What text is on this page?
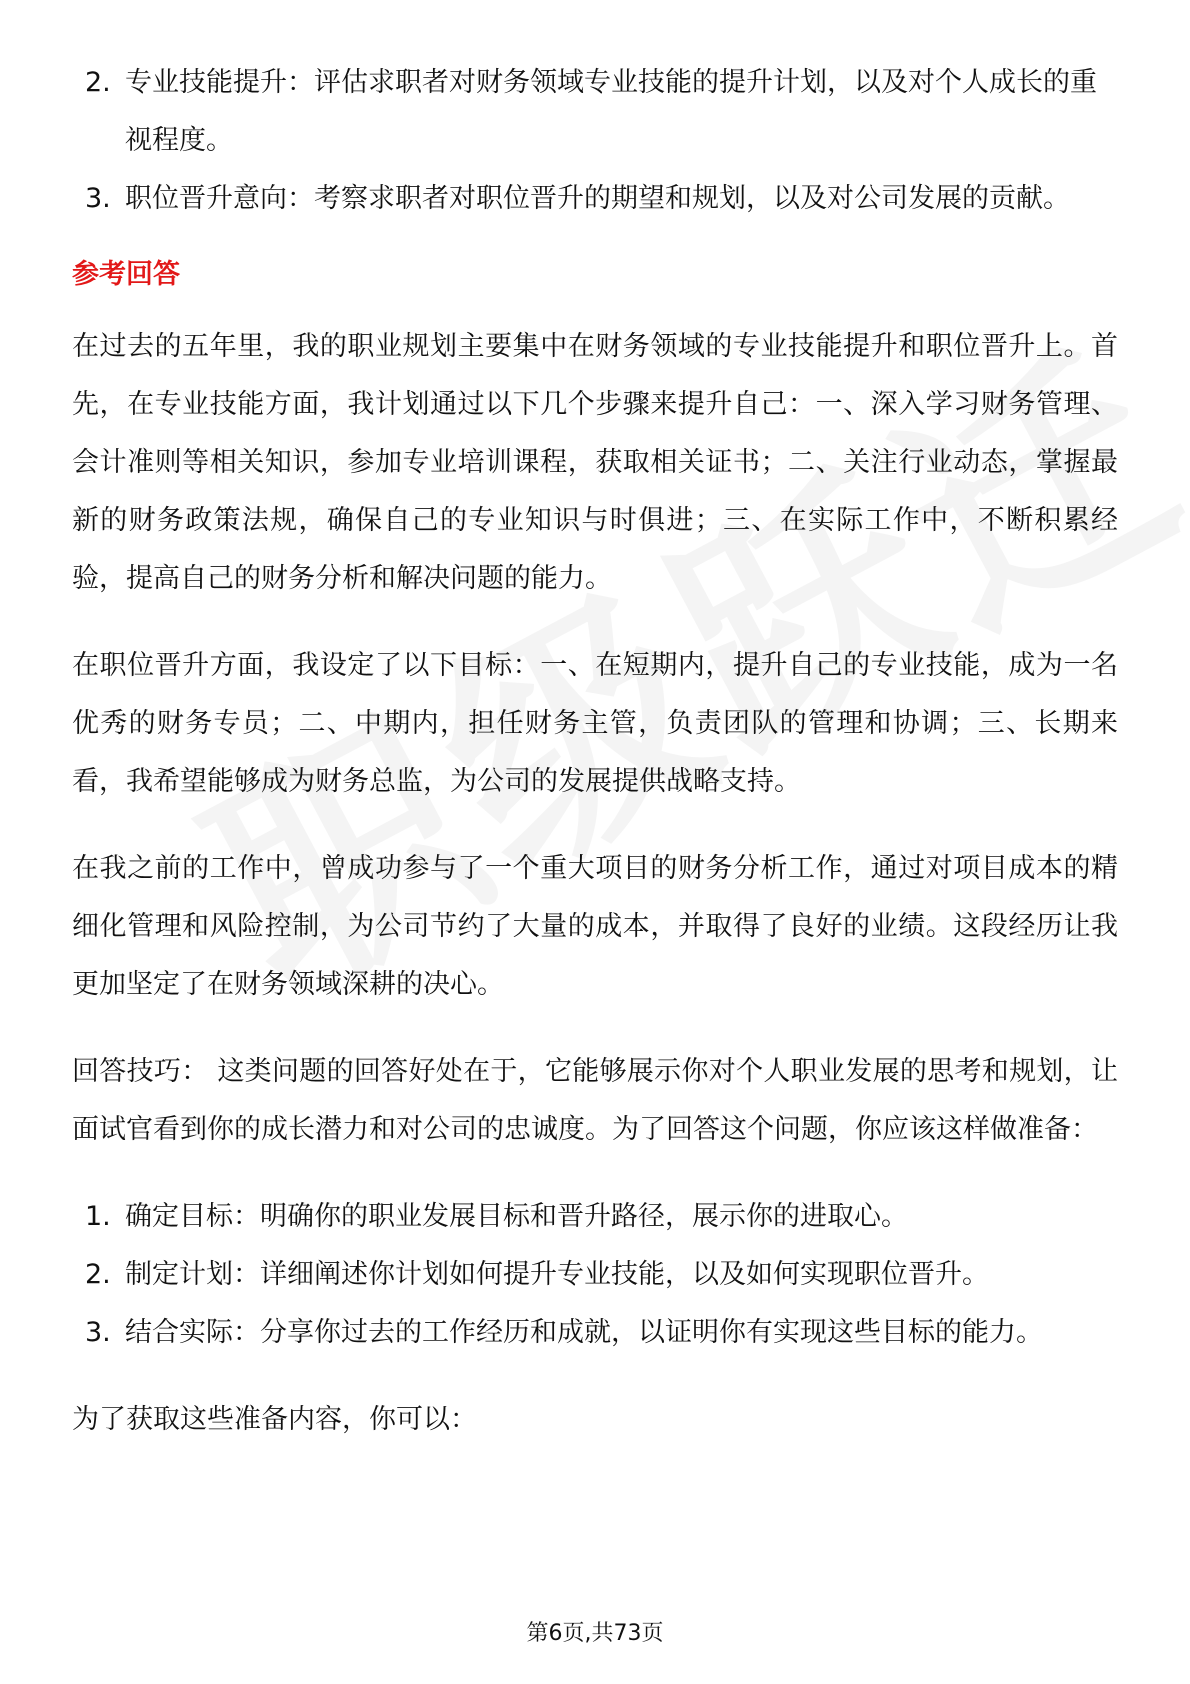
2. 专业技能提升：评估求职者对财务领域专业技能的提升计划，以及对个人成长的重视程度。
3. 职位晋升意向：考察求职者对职位晋升的期望和规划，以及对公司发展的贡献。
参考回答

在过去的五年里，我的职业规划主要集中在财务领域的专业技能提升和职位晋升上。首先，在专业技能方面，我计划通过以下几个步骤来提升自己：一、深入学习财务管理、会计准则等相关知识，参加专业培训课程，获取相关证书；二、关注行业动态，掌握最新的财务政策法规，确保自己的专业知识与时俱进；三、在实际工作中，不断积累经验，提高自己的财务分析和解决问题的能力。

在职位晋升方面，我设定了以下目标：一、在短期内，提升自己的专业技能，成为一名优秀的财务专员；二、中期内，担任财务主管，负责团队的管理和协调；三、长期来看，我希望能够成为财务总监，为公司的发展提供战略支持。

在我之前的工作中，曾成功参与了一个重大项目的财务分析工作，通过对项目成本的精细化管理和风险控制，为公司节约了大量的成本，并取得了良好的业绩。这段经历让我更加坚定了在财务领域深耕的决心。

回答技巧： 这类问题的回答好处在于，它能够展示你对个人职业发展的思考和规划，让面试官看到你的成长潜力和对公司的忠诚度。为了回答这个问题，你应该这样做准备：

1. 确定目标：明确你的职业发展目标和晋升路径，展示你的进取心。
2. 制定计划：详细阐述你计划如何提升专业技能，以及如何实现职位晋升。
3. 结合实际：分享你过去的工作经历和成就，以证明你有实现这些目标的能力。

为了获取这些准备内容，你可以：

第6页,共73页
